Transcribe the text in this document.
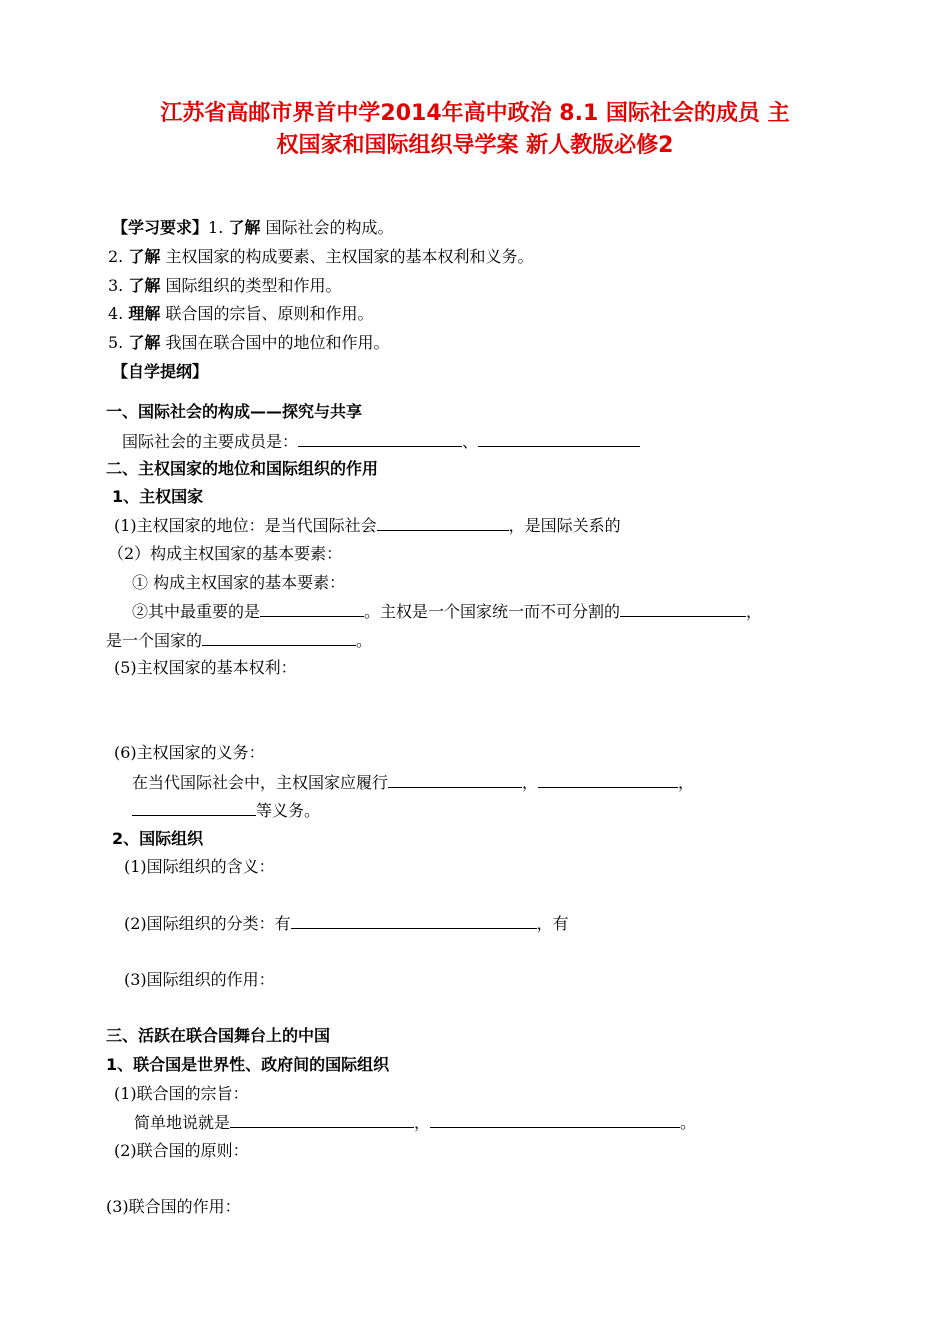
江苏省高邮市界首中学2014年高中政治 8.1 国际社会的成员 主
权国家和国际组织导学案 新人教版必修2
【学习要求】1. 了解 国际社会的构成。
2. 了解 主权国家的构成要素、主权国家的基本权利和义务。
3. 了解 国际组织的类型和作用。
4. 理解 联合国的宗旨、原则和作用。
5. 了解 我国在联合国中的地位和作用。
【自学提纲】
一、国际社会的构成——探究与共享
国际社会的主要成员是：	、
二、主权国家的地位和国际组织的作用
1、主权国家
(1)主权国家的地位：是当代国际社会	，是国际关系的
（2）构成主权国家的基本要素：
① 构成主权国家的基本要素：
②其中最重要的是	。主权是一个国家统一而不可分割的	，
是一个国家的	。
(5)主权国家的基本权利：
(6)主权国家的义务：
在当代国际社会中，主权国家应履行	，	，
等义务。
2、国际组织
(1)国际组织的含义：
(2)国际组织的分类：有	，有
(3)国际组织的作用：
三、活跃在联合国舞台上的中国
1、联合国是世界性、政府间的国际组织
(1)联合国的宗旨：
简单地说就是	，	。
(2)联合国的原则：
(3)联合国的作用：
